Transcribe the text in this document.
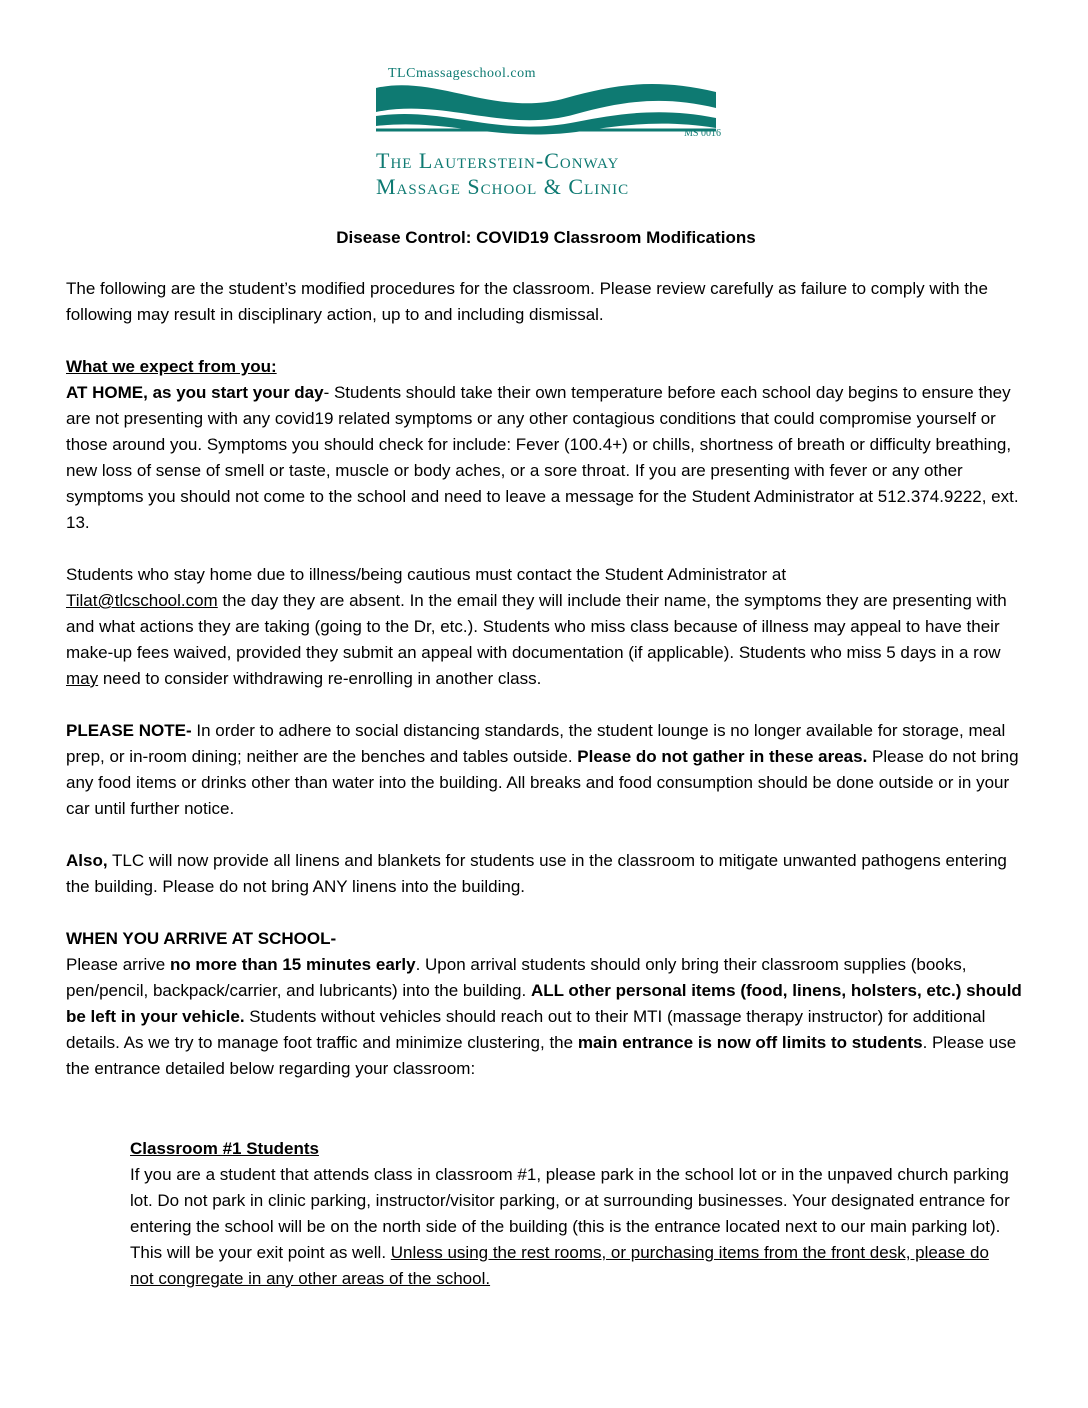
TLCmassageschool.com
MS 0016
The Lauterstein-Conway
Massage School & Clinic
Disease Control: COVID19 Classroom Modifications

The following are the student’s modified procedures for the classroom. Please review carefully as failure to comply with the following may result in disciplinary action, up to and including dismissal.

What we expect from you:

AT HOME, as you start your day- Students should take their own temperature before each school day begins to ensure they are not presenting with any covid19 related symptoms or any other contagious conditions that could compromise yourself or those around you. Symptoms you should check for include: Fever (100.4+) or chills, shortness of breath or difficulty breathing, new loss of sense of smell or taste, muscle or body aches, or a sore throat. If you are presenting with fever or any other symptoms you should not come to the school and need to leave a message for the Student Administrator at 512.374.9222, ext. 13.

Students who stay home due to illness/being cautious must contact the Student Administrator at
Tilat@tlcschool.com the day they are absent. In the email they will include their name, the symptoms they are presenting with and what actions they are taking (going to the Dr, etc.). Students who miss class because of illness may appeal to have their make-up fees waived, provided they submit an appeal with documentation (if applicable). Students who miss 5 days in a row may need to consider withdrawing re-enrolling in another class.

PLEASE NOTE- In order to adhere to social distancing standards, the student lounge is no longer available for storage, meal prep, or in-room dining; neither are the benches and tables outside. Please do not gather in these areas. Please do not bring any food items or drinks other than water into the building. All breaks and food consumption should be done outside or in your car until further notice.

Also, TLC will now provide all linens and blankets for students use in the classroom to mitigate unwanted pathogens entering the building. Please do not bring ANY linens into the building.

WHEN YOU ARRIVE AT SCHOOL-

Please arrive no more than 15 minutes early. Upon arrival students should only bring their classroom supplies (books, pen/pencil, backpack/carrier, and lubricants) into the building. ALL other personal items (food, linens, holsters, etc.) should be left in your vehicle. Students without vehicles should reach out to their MTI (massage therapy instructor) for additional details. As we try to manage foot traffic and minimize clustering, the main entrance is now off limits to students. Please use the entrance detailed below regarding your classroom:

Classroom #1 Students

If you are a student that attends class in classroom #1, please park in the school lot or in the unpaved church parking lot. Do not park in clinic parking, instructor/visitor parking, or at surrounding businesses. Your designated entrance for entering the school will be on the north side of the building (this is the entrance located next to our main parking lot). This will be your exit point as well. Unless using the rest rooms, or purchasing items from the front desk, please do not congregate in any other areas of the school.
